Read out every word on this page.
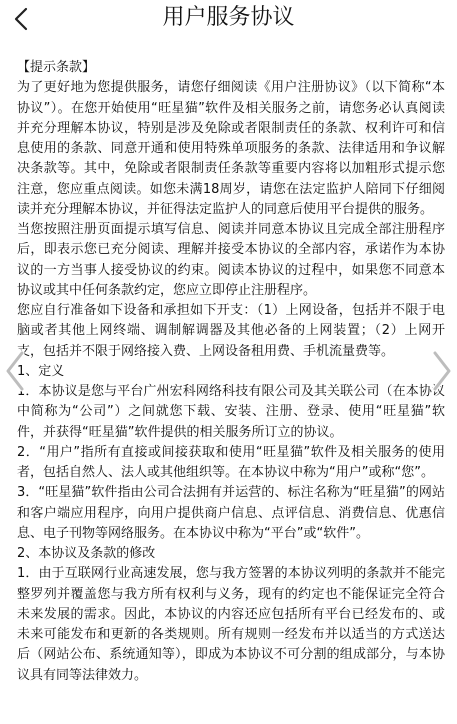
用户服务协议

【提示条款】

为了更好地为您提供服务，请您仔细阅读《用户注册协议》（以下简称“本协议”）。在您开始使用“旺星猫”软件及相关服务之前，请您务必认真阅读并充分理解本协议，特别是涉及免除或者限制责任的条款、权利许可和信息使用的条款、同意开通和使用特殊单项服务的条款、法律适用和争议解决条款等。其中，免除或者限制责任条款等重要内容将以加粗形式提示您注意，您应重点阅读。如您未满18周岁，请您在法定监护人陪同下仔细阅读并充分理解本协议，并征得法定监护人的同意后使用平台提供的服务。

当您按照注册页面提示填写信息、阅读并同意本协议且完成全部注册程序后，即表示您已充分阅读、理解并接受本协议的全部内容，承诺作为本协议的一方当事人接受协议的约束。阅读本协议的过程中，如果您不同意本协议或其中任何条款约定，您应立即停止注册程序。

您应自行准备如下设备和承担如下开支：（1）上网设备，包括并不限于电脑或者其他上网终端、调制解调器及其他必备的上网装置；（2）上网开支，包括并不限于网络接入费、上网设备租用费、手机流量费等。

1、定义

1．本协议是您与平台广州宏科网络科技有限公司及其关联公司（在本协议中简称为“公司”）之间就您下载、安装、注册、登录、使用“旺星猫”软件，并获得“旺星猫”软件提供的相关服务所订立的协议。

2．“用户”指所有直接或间接获取和使用“旺星猫”软件及相关服务的使用者，包括自然人、法人或其他组织等。在本协议中称为“用户”或称“您”。

3．“旺星猫”软件指由公司合法拥有并运营的、标注名称为“旺星猫”的网站和客户端应用程序，向用户提供商户信息、点评信息、消费信息、优惠信息、电子刊物等网络服务。在本协议中称为“平台”或“软件”。

2、本协议及条款的修改

1．由于互联网行业高速发展，您与我方签署的本协议列明的条款并不能完整罗列并覆盖您与我方所有权利与义务，现有的约定也不能保证完全符合未来发展的需求。因此，本协议的内容还应包括所有平台已经发布的、或未来可能发布和更新的各类规则。所有规则一经发布并以适当的方式送达后（网站公布、系统通知等），即成为本协议不可分割的组成部分，与本协议具有同等法律效力。
